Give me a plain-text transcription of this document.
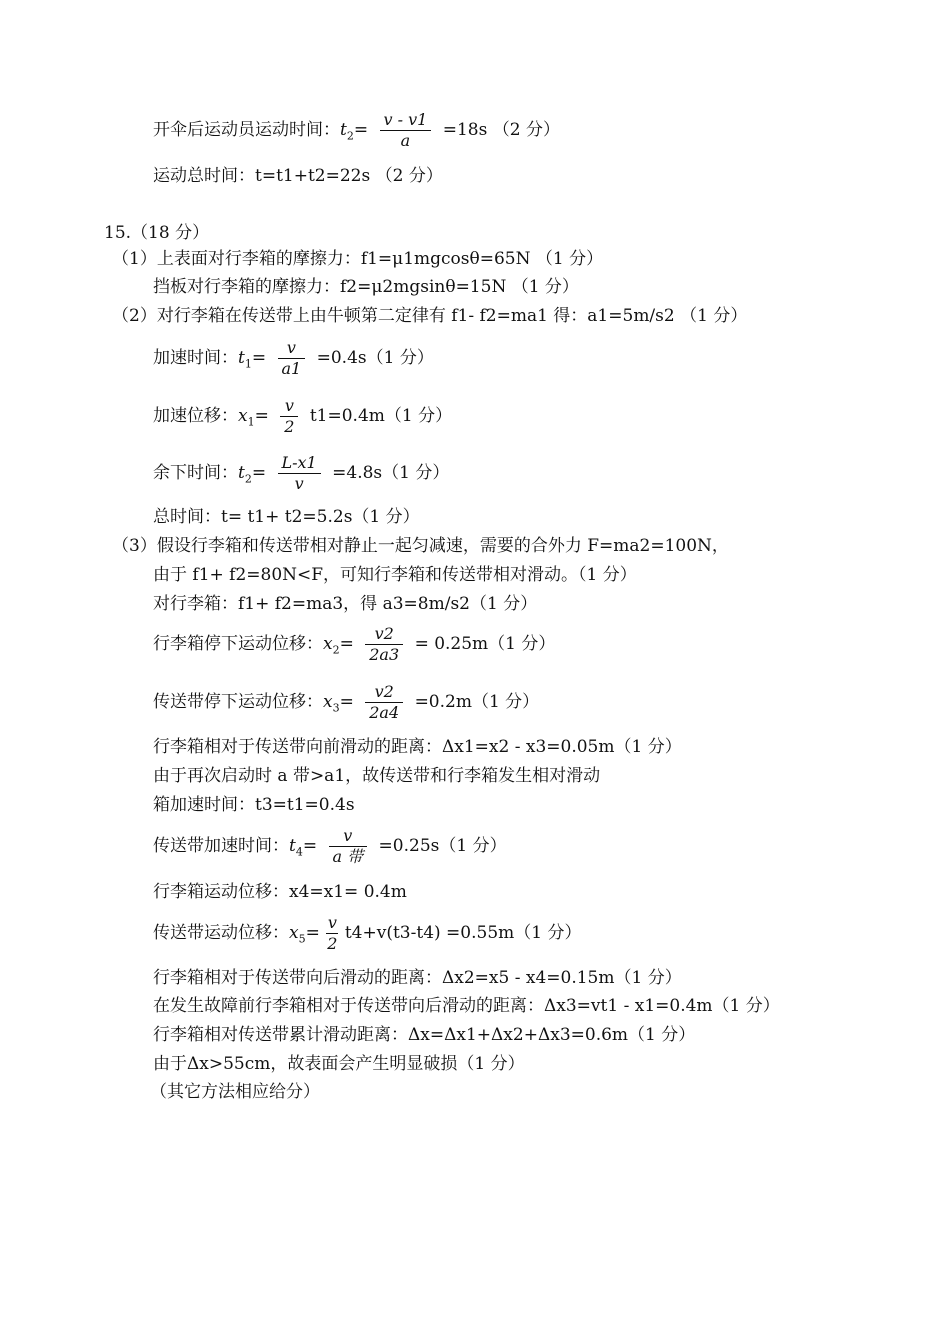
开伞后运动员运动时间：$t_2= \frac{v - v1}{a} =18s$ （2 分）
运动总时间：t=t1+t2=22s （2 分）
15.（18 分）
（1）上表面对行李箱的摩擦力：f1=μ1mgcosθ=65N （1 分）
挡板对行李箱的摩擦力：f2=μ2mgsinθ=15N （1 分）
（2）对行李箱在传送带上由牛顿第二定律有 f1- f2=ma1 得：a1=5m/s2 （1 分）
加速时间：$t_1= \frac{v}{a1} =0.4s(1$ 分）
加速位移：$x_1= \frac{v}{2} t1=0.4m(1$ 分）
余下时间：$t_2= \frac{L-x1}{v} =4.8s(1$ 分）
总时间：t= t1+ t2=5.2s（1 分）
（3）假设行李箱和传送带相对静止一起匀减速，需要的合外力 F=ma2=100N，
由于 f1+ f2=80N<F，可知行李箱和传送带相对滑动。（1 分）
对行李箱：f1+ f2=ma3，得 a3=8m/s2（1 分）
行李箱停下运动位移：$x_2= \frac{v2}{2a3} = 0.25m(1$ 分）
传送带停下运动位移：$x_3= \frac{v2}{2a4} =0.2m(1$ 分）
行李箱相对于传送带向前滑动的距离：Δx1=x2 - x3=0.05m（1 分）
由于再次启动时 a 带>a1，故传送带和行李箱发生相对滑动
箱加速时间：t3=t1=0.4s
传送带加速时间：$t_4= \frac{v}{\text{a 带}} =0.25s(1$ 分）
行李箱运动位移：x4=x1= 0.4m
传送带运动位移：$x_5= \frac{v}{2} t4+v(t3-t4) =0.55m(1$ 分）
行李箱相对于传送带向后滑动的距离：Δx2=x5 - x4=0.15m（1 分）
在发生故障前行李箱相对于传送带向后滑动的距离：Δx3=vt1 - x1=0.4m（1 分）
行李箱相对传送带累计滑动距离：Δx=Δx1+Δx2+Δx3=0.6m（1 分）
由于Δx>55cm，故表面会产生明显破损（1 分）
（其它方法相应给分）
